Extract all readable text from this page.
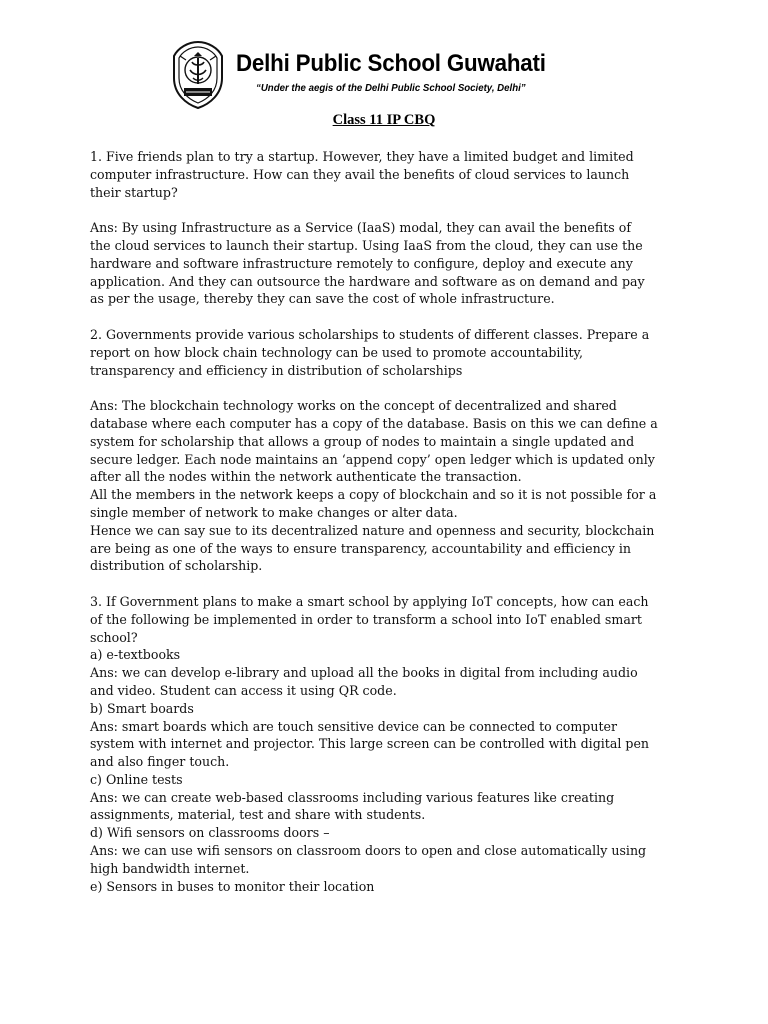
Delhi Public School Guwahati
“Under the aegis of the Delhi Public School Society, Delhi”
Class 11 IP CBQ
1. Five friends plan to try a startup. However, they have a limited budget and limited
computer infrastructure. How can they avail the benefits of cloud services to launch
their startup?
Ans: By using Infrastructure as a Service (IaaS) modal, they can avail the benefits of
the cloud services to launch their startup. Using IaaS from the cloud, they can use the
hardware and software infrastructure remotely to configure, deploy and execute any
application. And they can outsource the hardware and software as on demand and pay
as per the usage, thereby they can save the cost of whole infrastructure.
2. Governments provide various scholarships to students of different classes. Prepare a
report on how block chain technology can be used to promote accountability,
transparency and efficiency in distribution of scholarships
Ans: The blockchain technology works on the concept of decentralized and shared
database where each computer has a copy of the database. Basis on this we can define a
system for scholarship that allows a group of nodes to maintain a single updated and
secure ledger. Each node maintains an ‘append copy’ open ledger which is updated only
after all the nodes within the network authenticate the transaction.
All the members in the network keeps a copy of blockchain and so it is not possible for a
single member of network to make changes or alter data.
Hence we can say sue to its decentralized nature and openness and security, blockchain
are being as one of the ways to ensure transparency, accountability and efficiency in
distribution of scholarship.
3. If Government plans to make a smart school by applying IoT concepts, how can each
of the following be implemented in order to transform a school into IoT enabled smart
school?
a) e-textbooks
Ans: we can develop e-library and upload all the books in digital from including audio
and video. Student can access it using QR code.
b) Smart boards
Ans: smart boards which are touch sensitive device can be connected to computer
system with internet and projector. This large screen can be controlled with digital pen
and also finger touch.
c) Online tests
Ans: we can create web-based classrooms including various features like creating
assignments, material, test and share with students.
d) Wifi sensors on classrooms doors –
Ans: we can use wifi sensors on classroom doors to open and close automatically using
high bandwidth internet.
e) Sensors in buses to monitor their location
